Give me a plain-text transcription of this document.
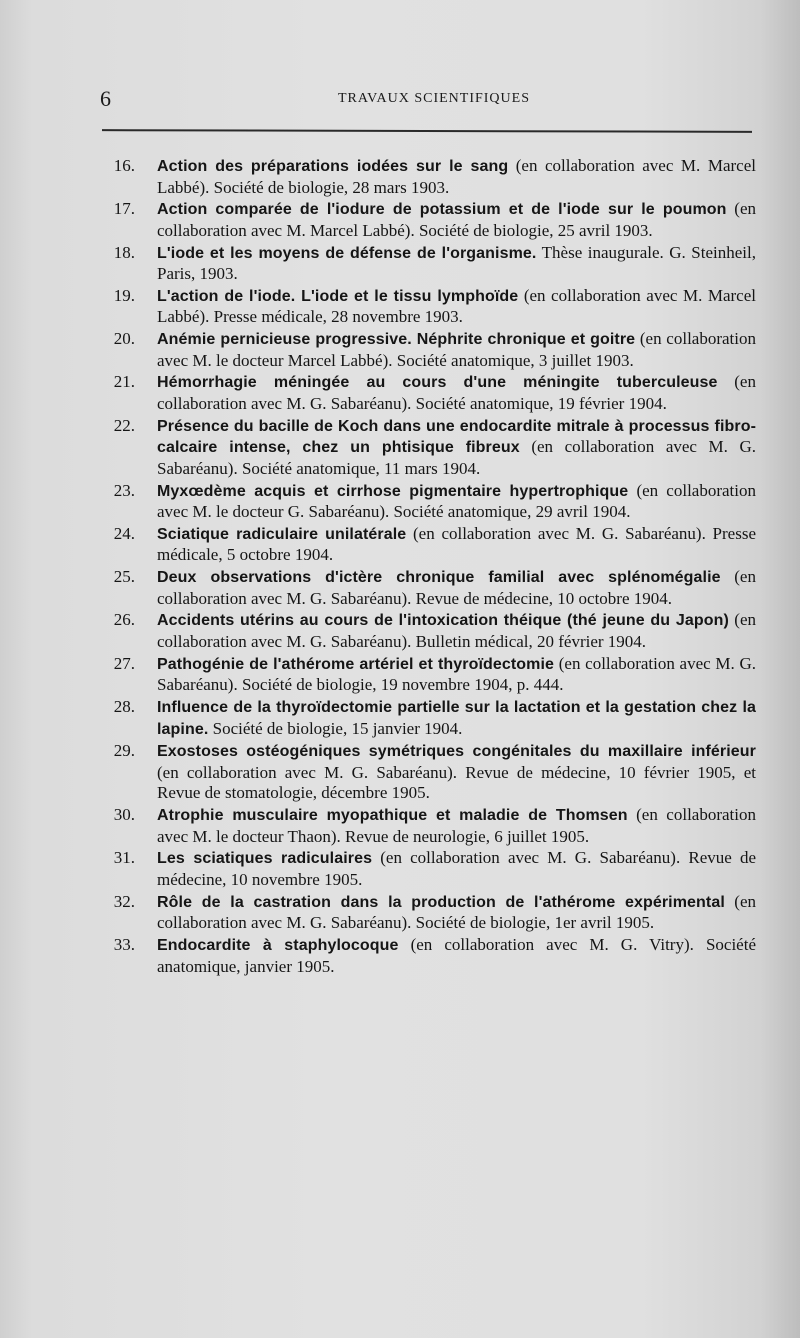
6	TRAVAUX SCIENTIFIQUES
16. Action des préparations iodées sur le sang (en collaboration avec M. Marcel Labbé). Société de biologie, 28 mars 1903.
17. Action comparée de l'iodure de potassium et de l'iode sur le poumon (en collaboration avec M. Marcel Labbé). Société de biologie, 25 avril 1903.
18. L'iode et les moyens de défense de l'organisme. Thèse inaugurale. G. Steinheil, Paris, 1903.
19. L'action de l'iode. L'iode et le tissu lymphoïde (en collaboration avec M. Marcel Labbé). Presse médicale, 28 novembre 1903.
20. Anémie pernicieuse progressive. Néphrite chronique et goitre (en collaboration avec M. le docteur Marcel Labbé). Société anatomique, 3 juillet 1903.
21. Hémorrhagie méningée au cours d'une méningite tuberculeuse (en collaboration avec M. G. Sabaréanu). Société anatomique, 19 février 1904.
22. Présence du bacille de Koch dans une endocardite mitrale à processus fibro-calcaire intense, chez un phtisique fibreux (en collaboration avec M. G. Sabaréanu). Société anatomique, 11 mars 1904.
23. Myxœdème acquis et cirrhose pigmentaire hypertrophique (en collaboration avec M. le docteur G. Sabaréanu). Société anatomique, 29 avril 1904.
24. Sciatique radiculaire unilatérale (en collaboration avec M. G. Sabaréanu). Presse médicale, 5 octobre 1904.
25. Deux observations d'ictère chronique familial avec splénomégalie (en collaboration avec M. G. Sabaréanu). Revue de médecine, 10 octobre 1904.
26. Accidents utérins au cours de l'intoxication théique (thé jeune du Japon) (en collaboration avec M. G. Sabaréanu). Bulletin médical, 20 février 1904.
27. Pathogénie de l'athérome artériel et thyroïdectomie (en collaboration avec M. G. Sabaréanu). Société de biologie, 19 novembre 1904, p. 444.
28. Influence de la thyroïdectomie partielle sur la lactation et la gestation chez la lapine. Société de biologie, 15 janvier 1904.
29. Exostoses ostéogéniques symétriques congénitales du maxillaire inférieur (en collaboration avec M. G. Sabaréanu). Revue de médecine, 10 février 1905, et Revue de stomatologie, décembre 1905.
30. Atrophie musculaire myopathique et maladie de Thomsen (en collaboration avec M. le docteur Thaon). Revue de neurologie, 6 juillet 1905.
31. Les sciatiques radiculaires (en collaboration avec M. G. Sabaréanu). Revue de médecine, 10 novembre 1905.
32. Rôle de la castration dans la production de l'athérome expérimental (en collaboration avec M. G. Sabaréanu). Société de biologie, 1er avril 1905.
33. Endocardite à staphylocoque (en collaboration avec M. G. Vitry). Société anatomique, janvier 1905.
